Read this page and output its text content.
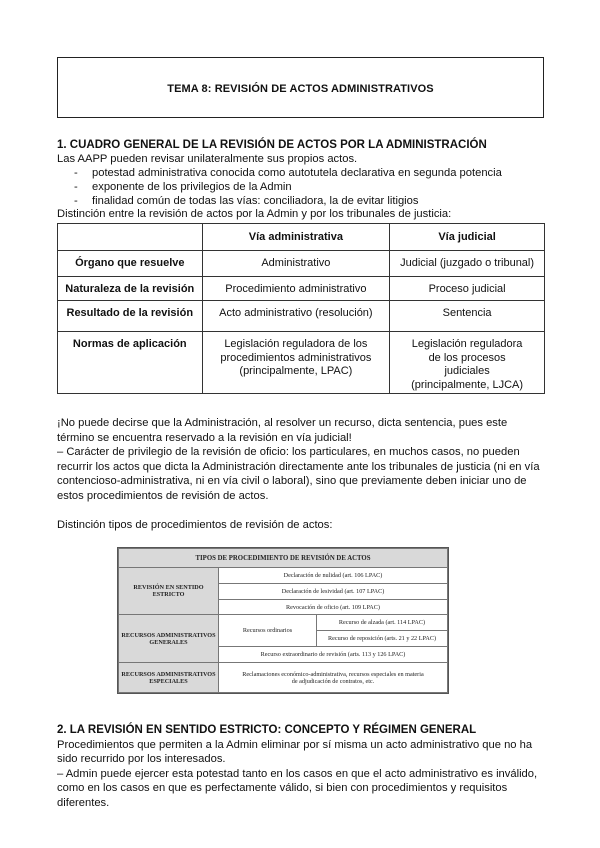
TEMA 8: REVISIÓN DE ACTOS ADMINISTRATIVOS
1. CUADRO GENERAL DE LA REVISIÓN DE ACTOS POR LA ADMINISTRACIÓN
Las AAPP pueden revisar unilateralmente sus propios actos.
- potestad administrativa conocida como autotutela declarativa en segunda potencia
- exponente de los privilegios de la Admin
- finalidad común de todas las vías: conciliadora, la de evitar litigios
Distinción entre la revisión de actos por la Admin y por los tribunales de justicia:
	Vía administrativa	Vía judicial
Órgano que resuelve	Administrativo	Judicial (juzgado o tribunal)
Naturaleza de la revisión	Procedimiento administrativo	Proceso judicial
Resultado de la revisión	Acto administrativo (resolución)	Sentencia
Normas de aplicación	Legislación reguladora de los procedimientos administrativos (principalmente, LPAC)	Legislación reguladora de los procesos judiciales (principalmente, LJCA)
¡No puede decirse que la Administración, al resolver un recurso, dicta sentencia, pues este
término se encuentra reservado a la revisión en vía judicial!
– Carácter de privilegio de la revisión de oficio: los particulares, en muchos casos, no pueden
recurrir los actos que dicta la Administración directamente ante los tribunales de justicia (ni en vía
contencioso-administrativa, ni en vía civil o laboral), sino que previamente deben iniciar uno de
estos procedimientos de revisión de actos.
Distinción tipos de procedimientos de revisión de actos:
TIPOS DE PROCEDIMIENTO DE REVISIÓN DE ACTOS		
REVISIÓN EN SENTIDO ESTRICTO	Declaración de nulidad (art. 106 LPAC)	
	Declaración de lesividad (art. 107 LPAC)	
	Revocación de oficio (art. 109 LPAC)	
RECURSOS ADMINISTRATIVOS GENERALES	Recursos ordinarios	Recurso de alzada (art. 114 LPAC)
		Recurso de reposición (arts. 21 y 22 LPAC)
	Recurso extraordinario de revisión (arts. 113 y 126 LPAC)	
RECURSOS ADMINISTRATIVOS ESPECIALES	Reclamaciones económico-administrativa, recursos especiales en materia de adjudicación de contratos, etc.	
2. LA REVISIÓN EN SENTIDO ESTRICTO: CONCEPTO Y RÉGIMEN GENERAL
Procedimientos que permiten a la Admin eliminar por sí misma un acto administrativo que no ha
sido recurrido por los interesados.
– Admin puede ejercer esta potestad tanto en los casos en que el acto administrativo es inválido,
como en los casos en que es perfectamente válido, si bien con procedimientos y requisitos
diferentes.
